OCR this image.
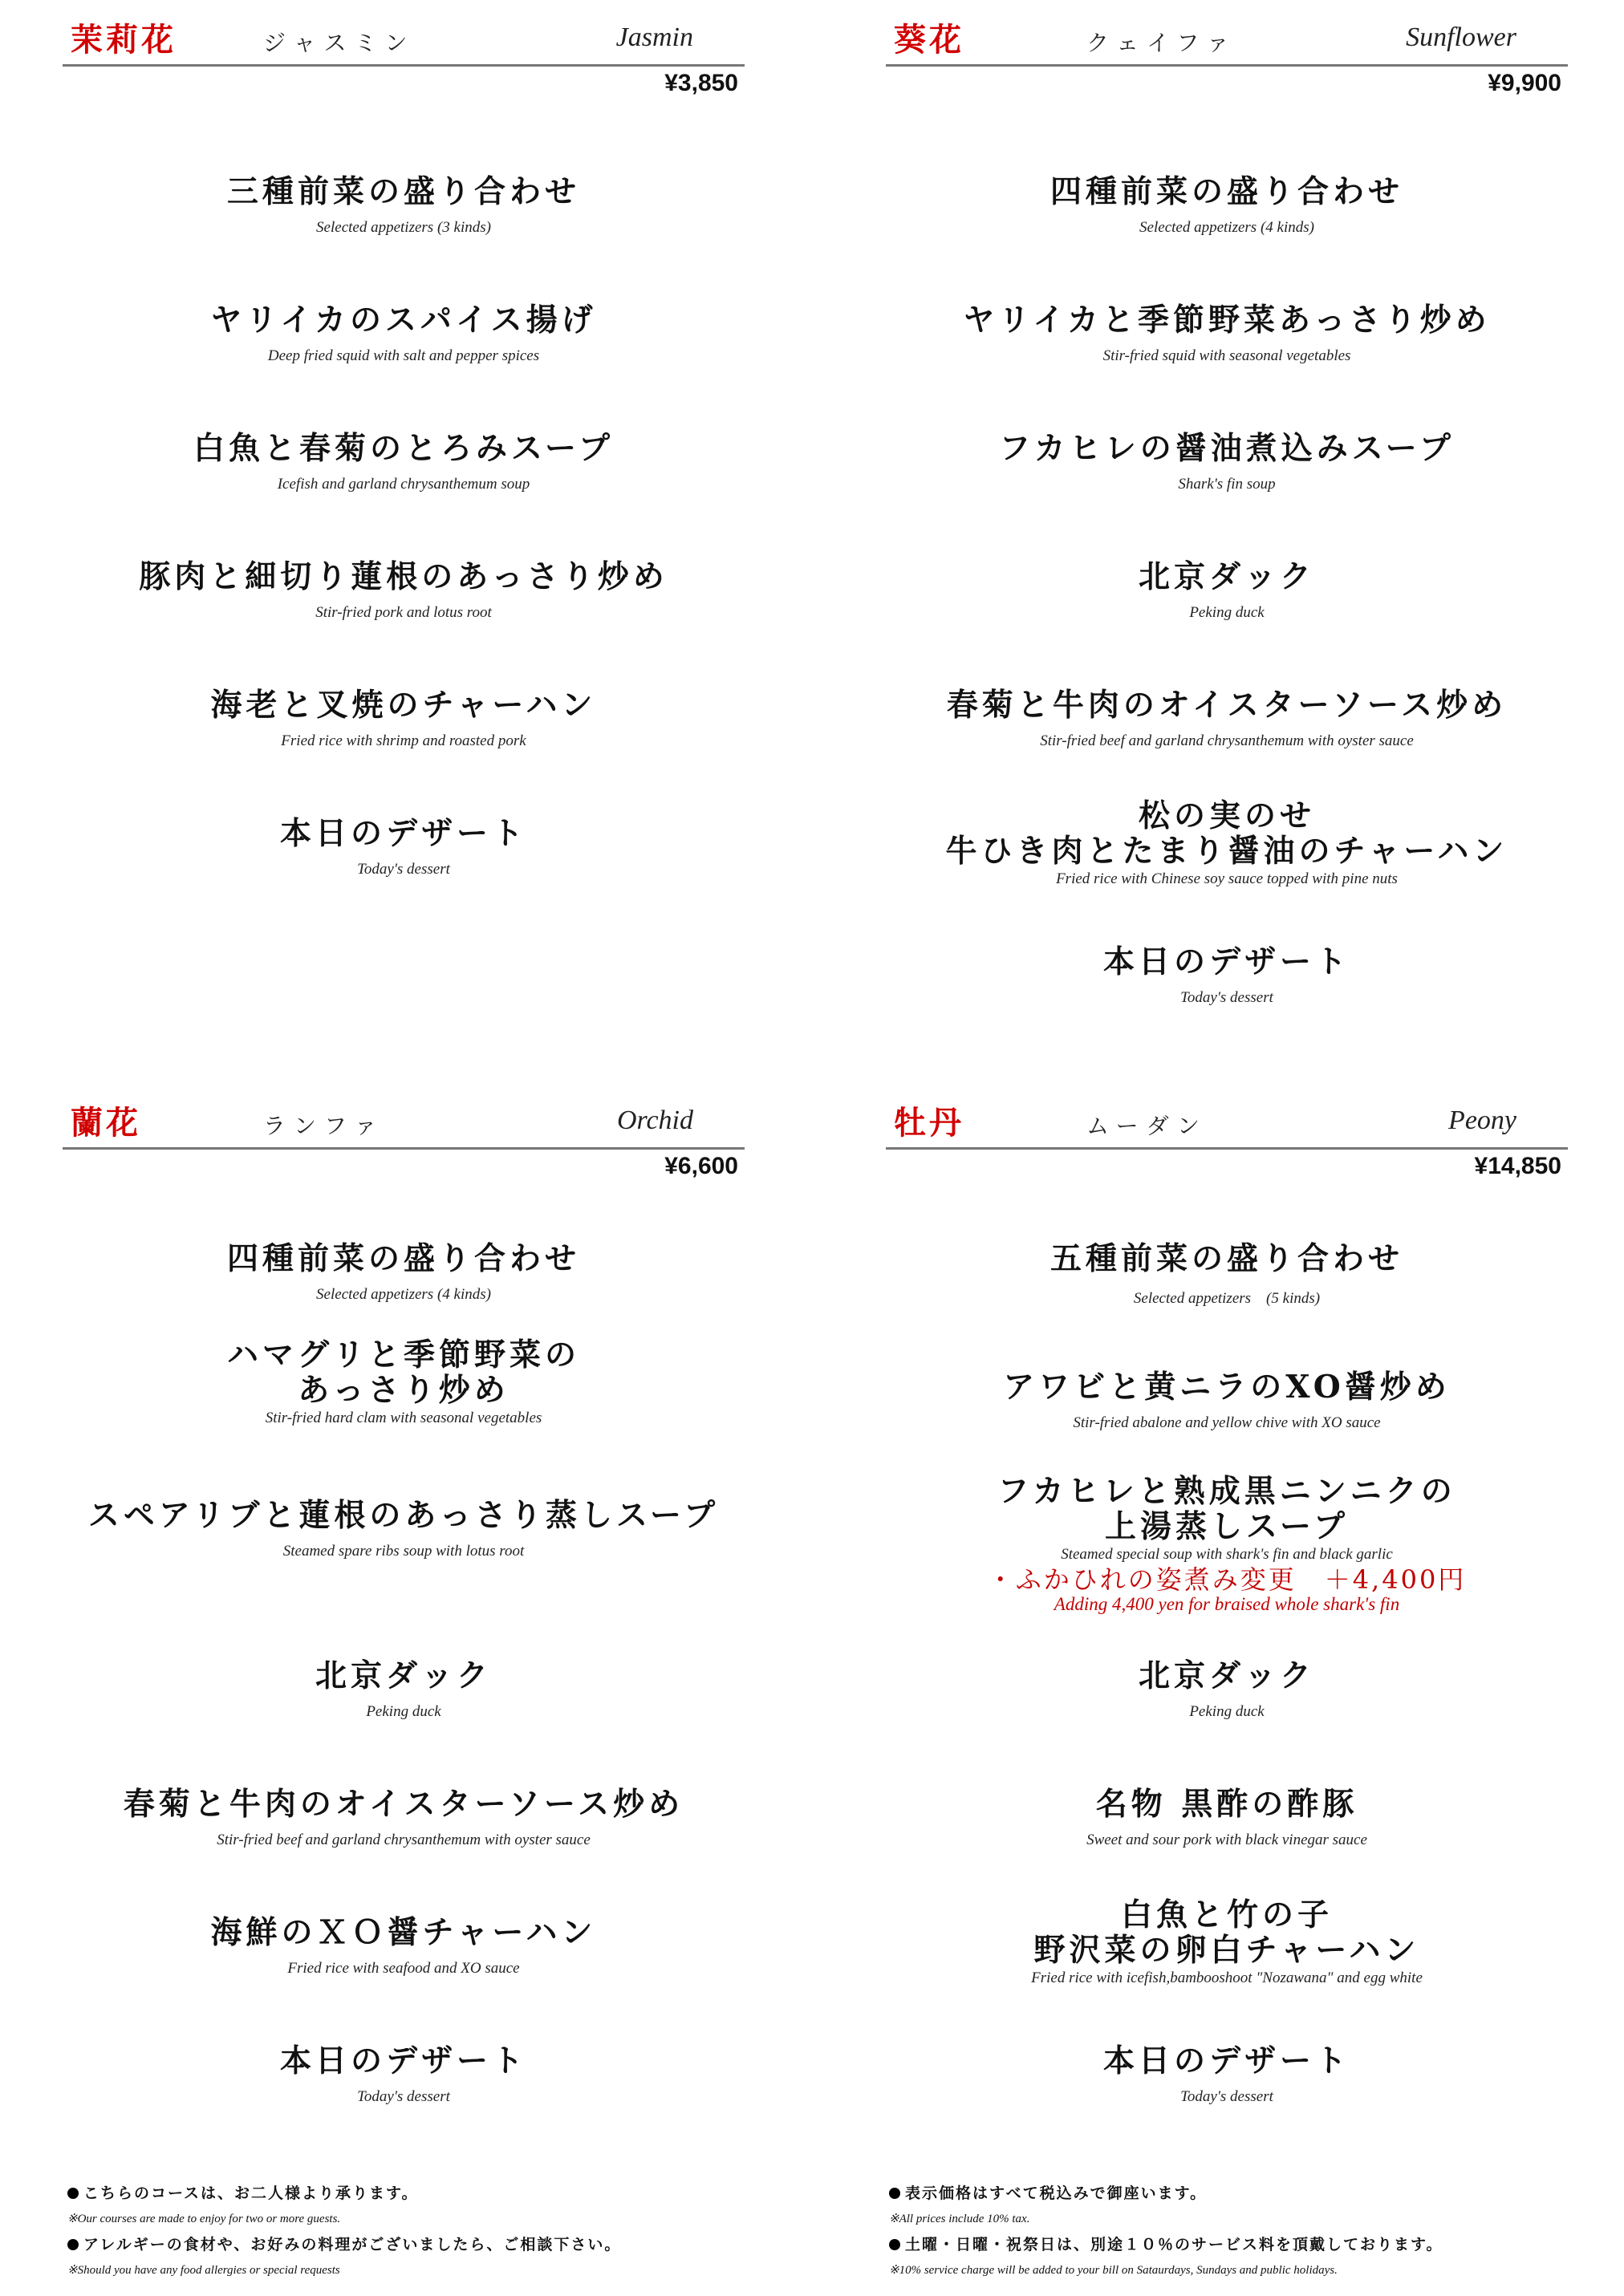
茉莉花	ジャスミン	Jasmin
¥3,850
三種前菜の盛り合わせ
Selected appetizers (3 kinds)
ヤリイカのスパイス揚げ
Deep fried squid with salt and pepper spices
白魚と春菊のとろみスープ
Icefish and garland chrysanthemum soup
豚肉と細切り蓮根のあっさり炒め
Stir-fried pork and lotus root
海老と叉焼のチャーハン
Fried rice with shrimp and roasted pork
本日のデザート
Today's dessert
葵花	クェイファ	Sunflower
¥9,900
四種前菜の盛り合わせ
Selected appetizers (4 kinds)
ヤリイカと季節野菜あっさり炒め
Stir-fried squid with seasonal vegetables
フカヒレの醤油煮込みスープ
Shark's fin soup
北京ダック
Peking duck
春菊と牛肉のオイスターソース炒め
Stir-fried beef and garland chrysanthemum with oyster sauce
松の実のせ
牛ひき肉とたまり醤油のチャーハン
Fried rice with Chinese soy sauce topped with pine nuts
本日のデザート
Today's dessert
蘭花	ランファ	Orchid
¥6,600
四種前菜の盛り合わせ
Selected appetizers (4 kinds)
ハマグリと季節野菜の
あっさり炒め
Stir-fried hard clam with seasonal vegetables
スペアリブと蓮根のあっさり蒸しスープ
Steamed spare ribs soup with lotus root
北京ダック
Peking duck
春菊と牛肉のオイスターソース炒め
Stir-fried beef and garland chrysanthemum with oyster sauce
海鮮のＸＯ醤チャーハン
Fried rice with seafood and XO sauce
本日のデザート
Today's dessert
牡丹	ムーダン	Peony
¥14,850
五種前菜の盛り合わせ
Selected appetizers　(5 kinds)
アワビと黄ニラのXO醤炒め
Stir-fried abalone and yellow chive with XO sauce
フカヒレと熟成黒ニンニクの
上湯蒸しスープ
Steamed special soup with shark's fin and black garlic
・ふかひれの姿煮み変更　＋4,400円
Adding 4,400 yen for braised whole shark's fin
北京ダック
Peking duck
名物 黒酢の酢豚
Sweet and sour pork with black vinegar sauce
白魚と竹の子
野沢菜の卵白チャーハン
Fried rice with icefish,bambooshoot "Nozawana" and egg white
本日のデザート
Today's dessert
こちらのコースは、お二人様より承ります。
※Our courses are made to enjoy for two or more guests.
アレルギーの食材や、お好みの料理がございましたら、ご相談下さい。
※Should you have any food allergies or special requests
表示価格はすべて税込みで御座います。
※All prices include 10% tax.
土曜・日曜・祝祭日は、別途１０％のサービス料を頂戴しております。
※10% service charge will be added to your bill on Sataurdays, Sundays and public holidays.
